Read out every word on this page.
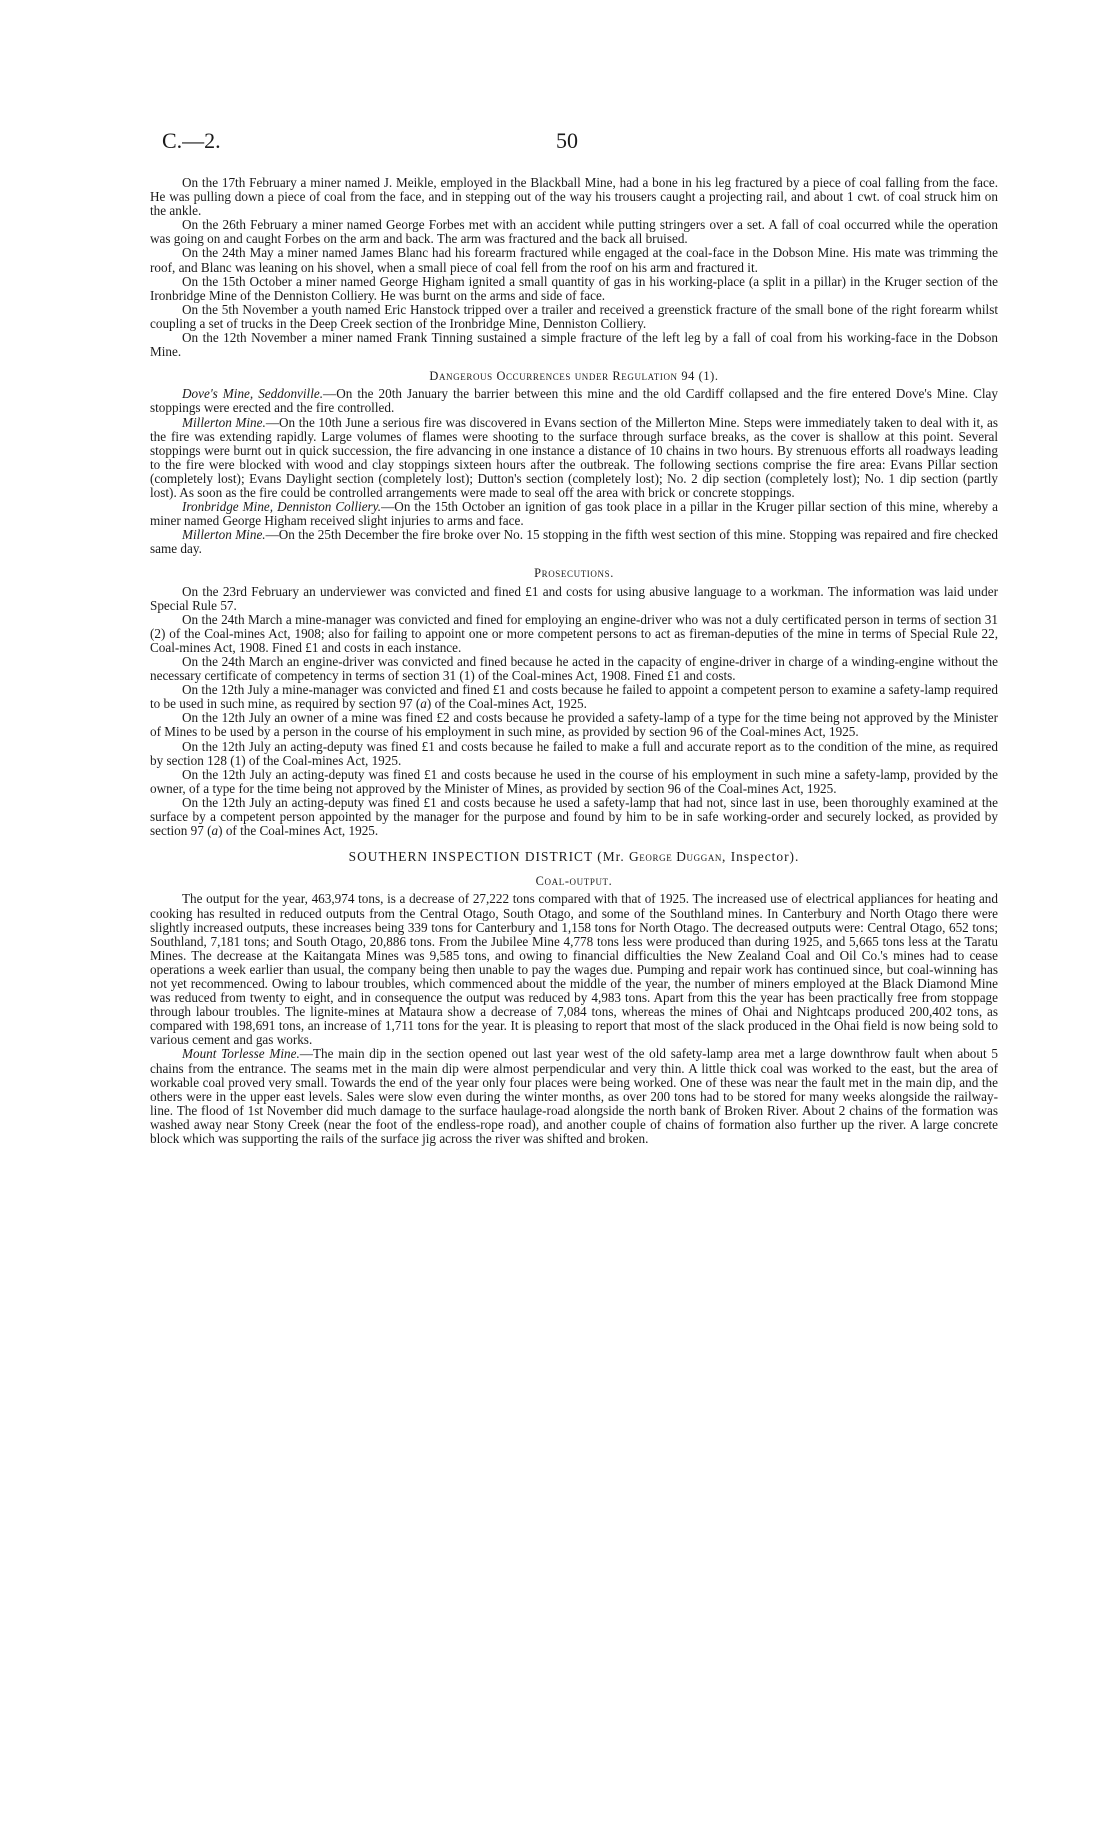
C.—2.	50

On the 17th February a miner named J. Meikle, employed in the Blackball Mine, had a bone in his leg fractured by a piece of coal falling from the face. He was pulling down a piece of coal from the face, and in stepping out of the way his trousers caught a projecting rail, and about 1 cwt. of coal struck him on the ankle.

On the 26th February a miner named George Forbes met with an accident while putting stringers over a set. A fall of coal occurred while the operation was going on and caught Forbes on the arm and back. The arm was fractured and the back all bruised.

On the 24th May a miner named James Blanc had his forearm fractured while engaged at the coal-face in the Dobson Mine. His mate was trimming the roof, and Blanc was leaning on his shovel, when a small piece of coal fell from the roof on his arm and fractured it.

On the 15th October a miner named George Higham ignited a small quantity of gas in his working-place (a split in a pillar) in the Kruger section of the Ironbridge Mine of the Denniston Colliery. He was burnt on the arms and side of face.

On the 5th November a youth named Eric Hanstock tripped over a trailer and received a greenstick fracture of the small bone of the right forearm whilst coupling a set of trucks in the Deep Creek section of the Ironbridge Mine, Denniston Colliery.

On the 12th November a miner named Frank Tinning sustained a simple fracture of the left leg by a fall of coal from his working-face in the Dobson Mine.

Dangerous Occurrences under Regulation 94 (1).

Dove's Mine, Seddonville.—On the 20th January the barrier between this mine and the old Cardiff collapsed and the fire entered Dove's Mine. Clay stoppings were erected and the fire controlled.

Millerton Mine.—On the 10th June a serious fire was discovered in Evans section of the Millerton Mine. Steps were immediately taken to deal with it, as the fire was extending rapidly. Large volumes of flames were shooting to the surface through surface breaks, as the cover is shallow at this point. Several stoppings were burnt out in quick succession, the fire advancing in one instance a distance of 10 chains in two hours. By strenuous efforts all roadways leading to the fire were blocked with wood and clay stoppings sixteen hours after the outbreak. The following sections comprise the fire area: Evans Pillar section (completely lost); Evans Daylight section (completely lost); Dutton's section (completely lost); No. 2 dip section (completely lost); No. 1 dip section (partly lost). As soon as the fire could be controlled arrangements were made to seal off the area with brick or concrete stoppings.

Ironbridge Mine, Denniston Colliery.—On the 15th October an ignition of gas took place in a pillar in the Kruger pillar section of this mine, whereby a miner named George Higham received slight injuries to arms and face.

Millerton Mine.—On the 25th December the fire broke over No. 15 stopping in the fifth west section of this mine. Stopping was repaired and fire checked same day.

Prosecutions.

On the 23rd February an underviewer was convicted and fined £1 and costs for using abusive language to a workman. The information was laid under Special Rule 57.

On the 24th March a mine-manager was convicted and fined for employing an engine-driver who was not a duly certificated person in terms of section 31 (2) of the Coal-mines Act, 1908; also for failing to appoint one or more competent persons to act as fireman-deputies of the mine in terms of Special Rule 22, Coal-mines Act, 1908. Fined £1 and costs in each instance.

On the 24th March an engine-driver was convicted and fined because he acted in the capacity of engine-driver in charge of a winding-engine without the necessary certificate of competency in terms of section 31 (1) of the Coal-mines Act, 1908. Fined £1 and costs.

On the 12th July a mine-manager was convicted and fined £1 and costs because he failed to appoint a competent person to examine a safety-lamp required to be used in such mine, as required by section 97 (a) of the Coal-mines Act, 1925.

On the 12th July an owner of a mine was fined £2 and costs because he provided a safety-lamp of a type for the time being not approved by the Minister of Mines to be used by a person in the course of his employment in such mine, as provided by section 96 of the Coal-mines Act, 1925.

On the 12th July an acting-deputy was fined £1 and costs because he failed to make a full and accurate report as to the condition of the mine, as required by section 128 (1) of the Coal-mines Act, 1925.

On the 12th July an acting-deputy was fined £1 and costs because he used in the course of his employment in such mine a safety-lamp, provided by the owner, of a type for the time being not approved by the Minister of Mines, as provided by section 96 of the Coal-mines Act, 1925.

On the 12th July an acting-deputy was fined £1 and costs because he used a safety-lamp that had not, since last in use, been thoroughly examined at the surface by a competent person appointed by the manager for the purpose and found by him to be in safe working-order and securely locked, as provided by section 97 (a) of the Coal-mines Act, 1925.

SOUTHERN INSPECTION DISTRICT (Mr. George Duggan, Inspector).
Coal-output.

The output for the year, 463,974 tons, is a decrease of 27,222 tons compared with that of 1925. The increased use of electrical appliances for heating and cooking has resulted in reduced outputs from the Central Otago, South Otago, and some of the Southland mines. In Canterbury and North Otago there were slightly increased outputs, these increases being 339 tons for Canterbury and 1,158 tons for North Otago. The decreased outputs were: Central Otago, 652 tons; Southland, 7,181 tons; and South Otago, 20,886 tons. From the Jubilee Mine 4,778 tons less were produced than during 1925, and 5,665 tons less at the Taratu Mines. The decrease at the Kaitangata Mines was 9,585 tons, and owing to financial difficulties the New Zealand Coal and Oil Co.'s mines had to cease operations a week earlier than usual, the company being then unable to pay the wages due. Pumping and repair work has continued since, but coal-winning has not yet recommenced. Owing to labour troubles, which commenced about the middle of the year, the number of miners employed at the Black Diamond Mine was reduced from twenty to eight, and in consequence the output was reduced by 4,983 tons. Apart from this the year has been practically free from stoppage through labour troubles. The lignite-mines at Mataura show a decrease of 7,084 tons, whereas the mines of Ohai and Nightcaps produced 200,402 tons, as compared with 198,691 tons, an increase of 1,711 tons for the year. It is pleasing to report that most of the slack produced in the Ohai field is now being sold to various cement and gas works.

Mount Torlesse Mine.—The main dip in the section opened out last year west of the old safety-lamp area met a large downthrow fault when about 5 chains from the entrance. The seams met in the main dip were almost perpendicular and very thin. A little thick coal was worked to the east, but the area of workable coal proved very small. Towards the end of the year only four places were being worked. One of these was near the fault met in the main dip, and the others were in the upper east levels. Sales were slow even during the winter months, as over 200 tons had to be stored for many weeks alongside the railway-line. The flood of 1st November did much damage to the surface haulage-road alongside the north bank of Broken River. About 2 chains of the formation was washed away near Stony Creek (near the foot of the endless-rope road), and another couple of chains of formation also further up the river. A large concrete block which was supporting the rails of the surface jig across the river was shifted and broken.
